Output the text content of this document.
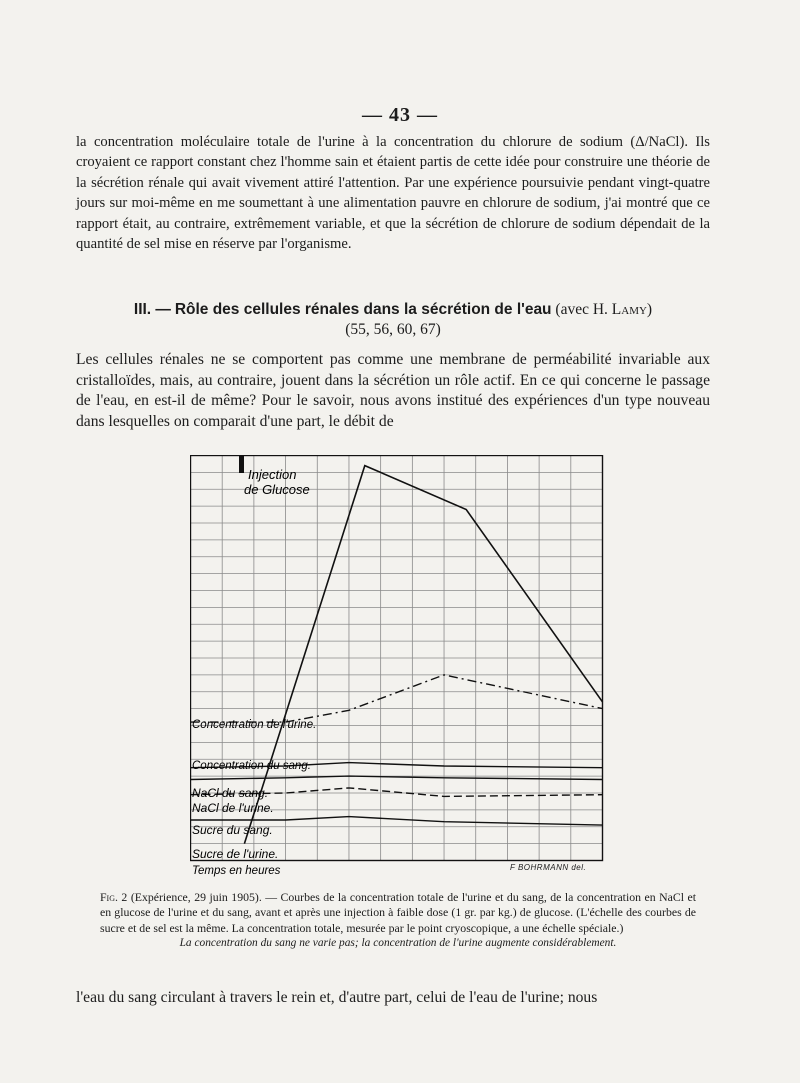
— 43 —
la concentration moléculaire totale de l'urine à la concentration du chlorure de sodium (Δ/NaCl). Ils croyaient ce rapport constant chez l'homme sain et étaient partis de cette idée pour construire une théorie de la sécrétion rénale qui avait vivement attiré l'attention. Par une expérience poursuivie pendant vingt-quatre jours sur moi-même en me soumettant à une alimentation pauvre en chlorure de sodium, j'ai montré que ce rapport était, au contraire, extrêmement variable, et que la sécrétion de chlorure de sodium dépendait de la quantité de sel mise en réserve par l'organisme.
III. — Rôle des cellules rénales dans la sécrétion de l'eau (avec H. Lamy)
(55, 56, 60, 67)
Les cellules rénales ne se comportent pas comme une membrane de perméabilité invariable aux cristalloïdes, mais, au contraire, jouent dans la sécrétion un rôle actif. En ce qui concerne le passage de l'eau, en est-il de même? Pour le savoir, nous avons institué des expériences d'un type nouveau dans lesquelles on comparait d'une part, le débit de
Injection
de Glucose
Concentration de l'urine.
Concentration du sang.
NaCl du sang.
NaCl de l'urine.
Sucre du sang.
Sucre de l'urine.
Temps en heures	F BOHRMANN del.
Fig. 2 (Expérience, 29 juin 1905). — Courbes de la concentration totale de l'urine et du sang, de la concentration en NaCl et en glucose de l'urine et du sang, avant et après une injection à faible dose (1 gr. par kg.) de glucose. (L'échelle des courbes de sucre et de sel est la même. La concentration totale, mesurée par le point cryoscopique, a une échelle spéciale.)
La concentration du sang ne varie pas; la concentration de l'urine augmente considérablement.
l'eau du sang circulant à travers le rein et, d'autre part, celui de l'eau de l'urine; nous
